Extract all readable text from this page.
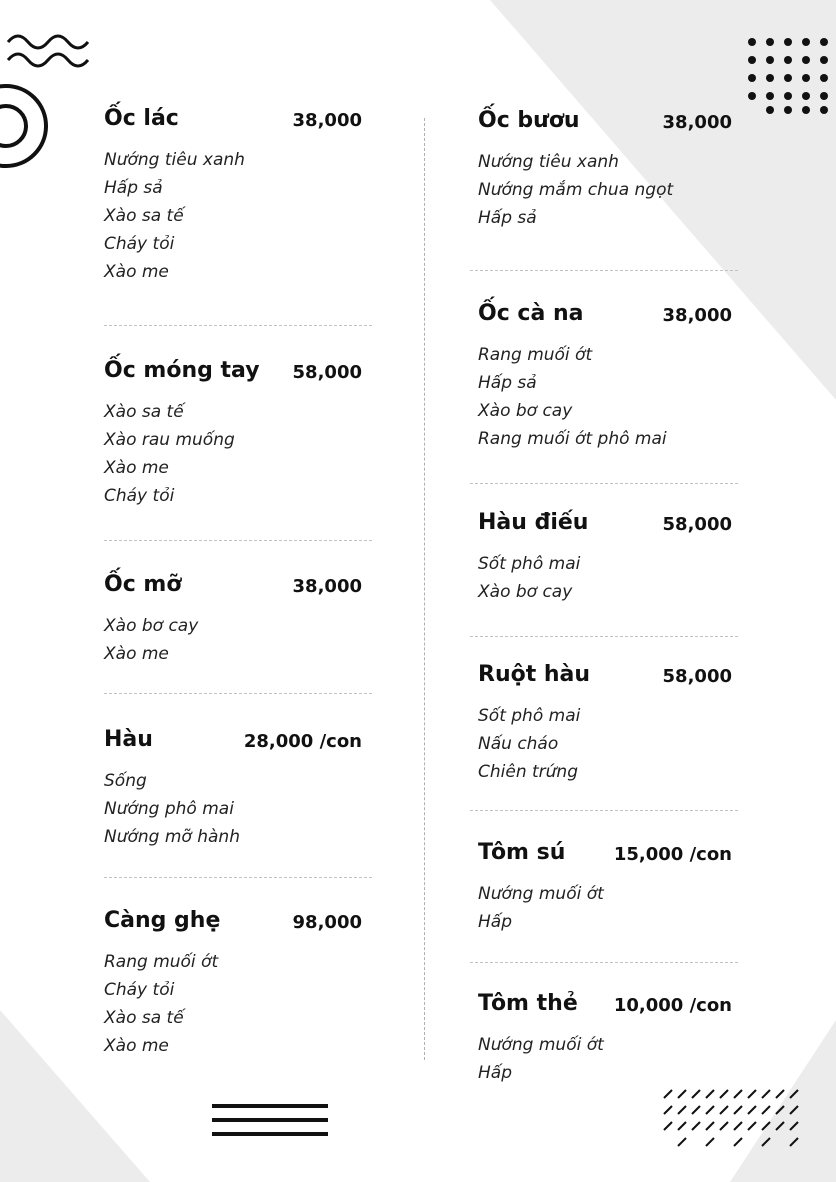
Ốc lác	38,000
Nướng tiêu xanh
Hấp sả
Xào sa tế
Cháy tỏi
Xào me
Ốc móng tay 58,000
Xào sa tế
Xào rau muống
Xào me
Cháy tỏi
Ốc mỡ	38,000
Xào bơ cay
Xào me
Hàu	28,000 /con
Sống
Nướng phô mai
Nướng mỡ hành
Càng ghẹ	98,000
Rang muối ớt
Cháy tỏi
Xào sa tế
Xào me
Ốc bươu	38,000
Nướng tiêu xanh
Nướng mắm chua ngọt
Hấp sả
Ốc cà na	38,000
Rang muối ớt
Hấp sả
Xào bơ cay
Rang muối ớt phô mai
Hàu điếu	58,000
Sốt phô mai
Xào bơ cay
Ruột hàu	58,000
Sốt phô mai
Nấu cháo
Chiên trứng
Tôm sú	15,000 /con
Nướng muối ớt
Hấp
Tôm thẻ 10,000 /con
Nướng muối ớt
Hấp
